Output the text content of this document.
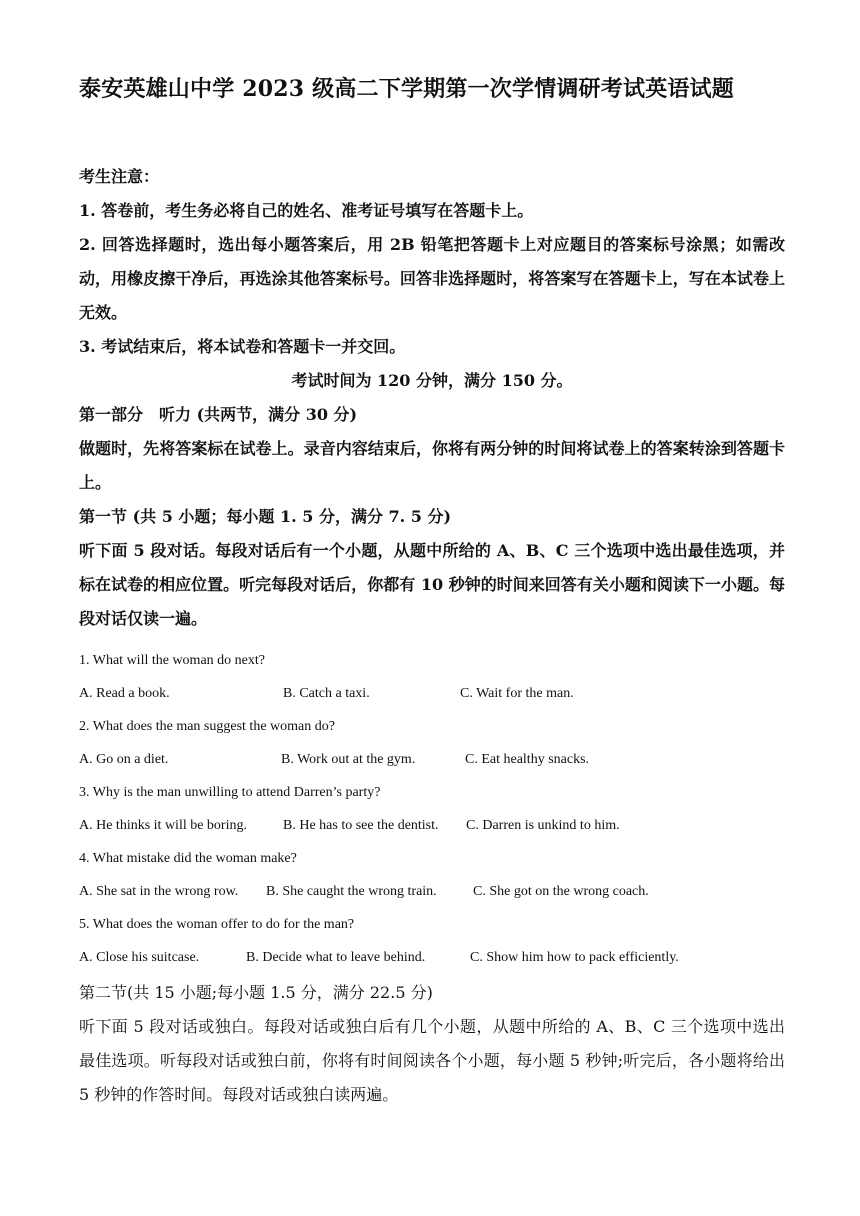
泰安英雄山中学 2023 级高二下学期第一次学情调研考试英语试题
考生注意：
1. 答卷前，考生务必将自己的姓名、准考证号填写在答题卡上。
2. 回答选择题时，选出每小题答案后，用 2B 铅笔把答题卡上对应题目的答案标号涂黑；如需改动，用橡皮擦干净后，再选涂其他答案标号。回答非选择题时，将答案写在答题卡上，写在本试卷上无效。
3. 考试结束后，将本试卷和答题卡一并交回。
考试时间为 120 分钟，满分 150 分。
第一部分　听力 (共两节，满分 30 分)
做题时，先将答案标在试卷上。录音内容结束后，你将有两分钟的时间将试卷上的答案转涂到答题卡上。
第一节 (共 5 小题；每小题 1. 5 分，满分 7. 5 分)
听下面 5 段对话。每段对话后有一个小题，从题中所给的 A、B、C 三个选项中选出最佳选项，并标在试卷的相应位置。听完每段对话后，你都有 10 秒钟的时间来回答有关小题和阅读下一小题。每段对话仅读一遍。
1. What will the woman do next?
A. Read a book.	B. Catch a taxi.	C. Wait for the man.
2. What does the man suggest the woman do?
A. Go on a diet.	B. Work out at the gym.	C. Eat healthy snacks.
3. Why is the man unwilling to attend Darren’s party?
A. He thinks it will be boring.	B. He has to see the dentist. C. Darren is unkind to him.
4. What mistake did the woman make?
A. She sat in the wrong row. B. She caught the wrong train.	C. She got on the wrong coach.
5. What does the woman offer to do for the man?
A. Close his suitcase.	B. Decide what to leave behind.	C. Show him how to pack efficiently.
第二节(共 15 小题;每小题 1.5 分，满分 22.5 分)
听下面 5 段对话或独白。每段对话或独白后有几个小题，从题中所给的 A、B、C 三个选项中选出最佳选项。听每段对话或独白前，你将有时间阅读各个小题，每小题 5 秒钟;听完后，各小题将给出 5 秒钟的作答时间。每段对话或独白读两遍。
